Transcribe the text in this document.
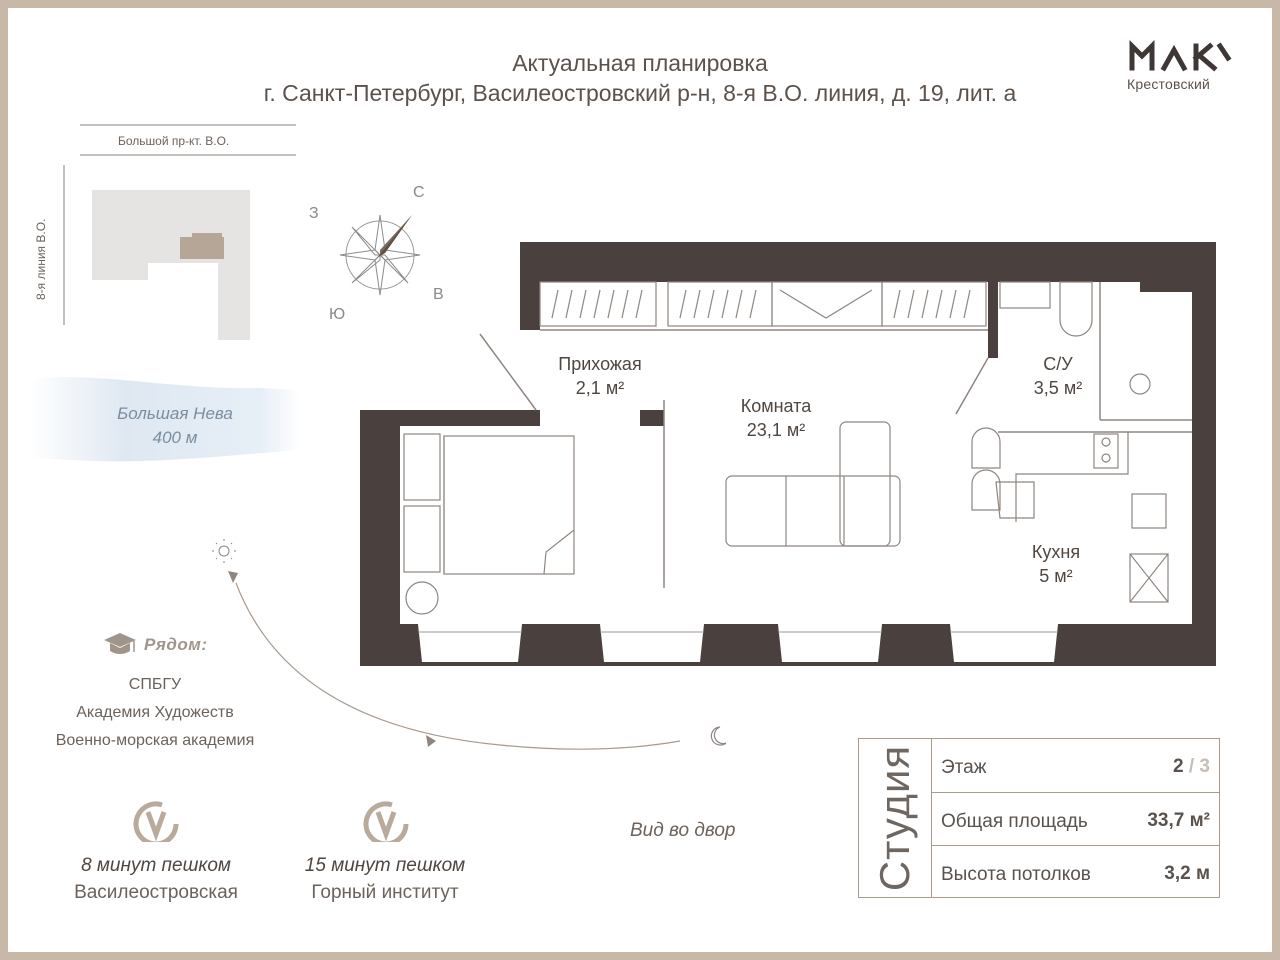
Актуальная планировка
г. Санкт-Петербург, Василеостровский р-н, 8-я В.О. линия, д. 19, лит. а	Крестовский
Большой пр-кт. В.О.
8-я линия В.О.
Большая Нева
400 м
С
З
В
Ю
Прихожая
2,1 м²
Комната
23,1 м²
С/У
3,5 м²
Кухня
5 м²
Рядом:
СПБГУ
Академия Художеств
Военно-морская академия
8 минут пешком
Василеостровская
15 минут пешком
Горный институт
Вид во двор	Студия Этаж	2 / 3
Общая площадь	33,7 м²
Высота потолков	3,2 м
